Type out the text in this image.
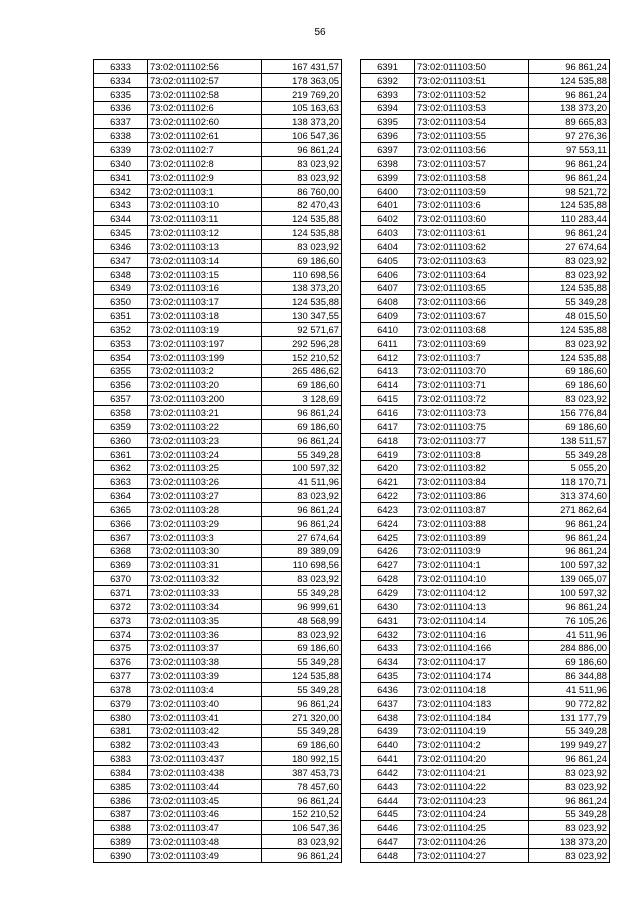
56
6333	73:02:011102:56	167 431,57
6334	73:02:011102:57	178 363,05
6335	73:02:011102:58	219 769,20
6336	73:02:011102:6	105 163,63
6337	73:02:011102:60	138 373,20
6338	73:02:011102:61	106 547,36
6339	73:02:011102:7	96 861,24
6340	73:02:011102:8	83 023,92
6341	73:02:011102:9	83 023,92
6342	73:02:011103:1	86 760,00
6343	73:02:011103:10	82 470,43
6344	73:02:011103:11	124 535,88
6345	73:02:011103:12	124 535,88
6346	73:02:011103:13	83 023,92
6347	73:02:011103:14	69 186,60
6348	73:02:011103:15	110 698,56
6349	73:02:011103:16	138 373,20
6350	73:02:011103:17	124 535,88
6351	73:02:011103:18	130 347,55
6352	73:02:011103:19	92 571,67
6353	73:02:011103:197	292 596,28
6354	73:02:011103:199	152 210,52
6355	73:02:011103:2	265 486,62
6356	73:02:011103:20	69 186,60
6357	73:02:011103:200	3 128,69
6358	73:02:011103:21	96 861,24
6359	73:02:011103:22	69 186,60
6360	73:02:011103:23	96 861,24
6361	73:02:011103:24	55 349,28
6362	73:02:011103:25	100 597,32
6363	73:02:011103:26	41 511,96
6364	73:02:011103:27	83 023,92
6365	73:02:011103:28	96 861,24
6366	73:02:011103:29	96 861,24
6367	73:02:011103:3	27 674,64
6368	73:02:011103:30	89 389,09
6369	73:02:011103:31	110 698,56
6370	73:02:011103:32	83 023,92
6371	73:02:011103:33	55 349,28
6372	73:02:011103:34	96 999,61
6373	73:02:011103:35	48 568,99
6374	73:02:011103:36	83 023,92
6375	73:02:011103:37	69 186,60
6376	73:02:011103:38	55 349,28
6377	73:02:011103:39	124 535,88
6378	73:02:011103:4	55 349,28
6379	73:02:011103:40	96 861,24
6380	73:02:011103:41	271 320,00
6381	73:02:011103:42	55 349,28
6382	73:02:011103:43	69 186,60
6383	73:02:011103:437	180 992,15
6384	73:02:011103:438	387 453,73
6385	73:02:011103:44	78 457,60
6386	73:02:011103:45	96 861,24
6387	73:02:011103:46	152 210,52
6388	73:02:011103:47	106 547,36
6389	73:02:011103:48	83 023,92
6390	73:02:011103:49	96 861,24
6391	73:02:011103:50	96 861,24
6392	73:02:011103:51	124 535,88
6393	73:02:011103:52	96 861,24
6394	73:02:011103:53	138 373,20
6395	73:02:011103:54	89 665,83
6396	73:02:011103:55	97 276,36
6397	73:02:011103:56	97 553,11
6398	73:02:011103:57	96 861,24
6399	73:02:011103:58	96 861,24
6400	73:02:011103:59	98 521,72
6401	73:02:011103:6	124 535,88
6402	73:02:011103:60	110 283,44
6403	73:02:011103:61	96 861,24
6404	73:02:011103:62	27 674,64
6405	73:02:011103:63	83 023,92
6406	73:02:011103:64	83 023,92
6407	73:02:011103:65	124 535,88
6408	73:02:011103:66	55 349,28
6409	73:02:011103:67	48 015,50
6410	73:02:011103:68	124 535,88
6411	73:02:011103:69	83 023,92
6412	73:02:011103:7	124 535,88
6413	73:02:011103:70	69 186,60
6414	73:02:011103:71	69 186,60
6415	73:02:011103:72	83 023,92
6416	73:02:011103:73	156 776,84
6417	73:02:011103:75	69 186,60
6418	73:02:011103:77	138 511,57
6419	73:02:011103:8	55 349,28
6420	73:02:011103:82	5 055,20
6421	73:02:011103:84	118 170,71
6422	73:02:011103:86	313 374,60
6423	73:02:011103:87	271 862,64
6424	73:02:011103:88	96 861,24
6425	73:02:011103:89	96 861,24
6426	73:02:011103:9	96 861,24
6427	73:02:011104:1	100 597,32
6428	73:02:011104:10	139 065,07
6429	73:02:011104:12	100 597,32
6430	73:02:011104:13	96 861,24
6431	73:02:011104:14	76 105,26
6432	73:02:011104:16	41 511,96
6433	73:02:011104:166	284 886,00
6434	73:02:011104:17	69 186,60
6435	73:02:011104:174	86 344,88
6436	73:02:011104:18	41 511,96
6437	73:02:011104:183	90 772,82
6438	73:02:011104:184	131 177,79
6439	73:02:011104:19	55 349,28
6440	73:02:011104:2	199 949,27
6441	73:02:011104:20	96 861,24
6442	73:02:011104:21	83 023,92
6443	73:02:011104:22	83 023,92
6444	73:02:011104:23	96 861,24
6445	73:02:011104:24	55 349,28
6446	73:02:011104:25	83 023,92
6447	73:02:011104:26	138 373,20
6448	73:02:011104:27	83 023,92
